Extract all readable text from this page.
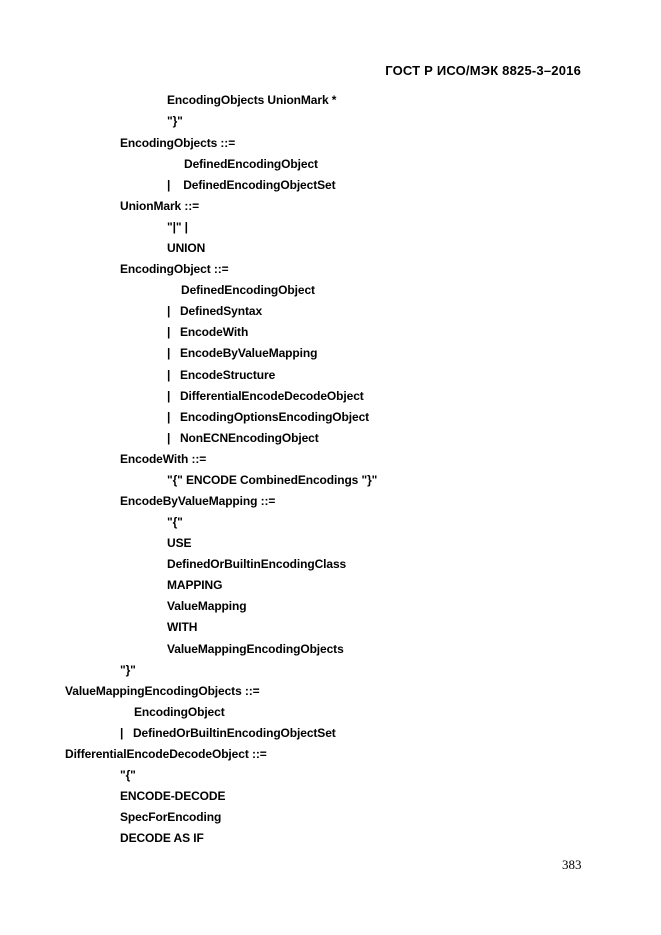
ГОСТ Р ИСО/МЭК 8825-3–2016
EncodingObjects UnionMark *
"}"
EncodingObjects ::=
DefinedEncodingObject
|    DefinedEncodingObjectSet
UnionMark ::=
"|" |
UNION
EncodingObject ::=
DefinedEncodingObject
|   DefinedSyntax
|   EncodeWith
|   EncodeByValueMapping
|   EncodeStructure
|   DifferentialEncodeDecodeObject
|   EncodingOptionsEncodingObject
|   NonECNEncodingObject
EncodeWith ::=
"{" ENCODE CombinedEncodings "}"
EncodeByValueMapping ::=
"{"
USE
DefinedOrBuiltinEncodingClass
MAPPING
ValueMapping
WITH
ValueMappingEncodingObjects
"}"
ValueMappingEncodingObjects ::=
EncodingObject
|   DefinedOrBuiltinEncodingObjectSet
DifferentialEncodeDecodeObject ::=
"{"
ENCODE-DECODE
SpecForEncoding
DECODE AS IF
383
